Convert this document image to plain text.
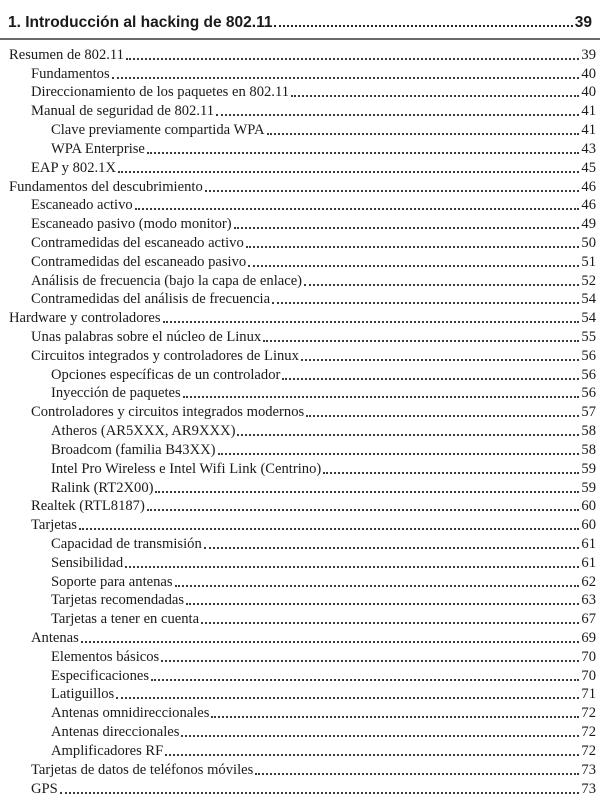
1. Introducción al hacking de 802.11	39
Resumen de 802.11	39
Fundamentos	40
Direccionamiento de los paquetes en 802.11	40
Manual de seguridad de 802.11	41
Clave previamente compartida WPA	41
WPA Enterprise	43
EAP y 802.1X	45
Fundamentos del descubrimiento	46
Escaneado activo	46
Escaneado pasivo (modo monitor)	49
Contramedidas del escaneado activo	50
Contramedidas del escaneado pasivo	51
Análisis de frecuencia (bajo la capa de enlace)	52
Contramedidas del análisis de frecuencia	54
Hardware y controladores	54
Unas palabras sobre el núcleo de Linux	55
Circuitos integrados y controladores de Linux	56
Opciones específicas de un controlador	56
Inyección de paquetes	56
Controladores y circuitos integrados modernos	57
Atheros (AR5XXX, AR9XXX)	58
Broadcom (familia B43XX)	58
Intel Pro Wireless e Intel Wifi Link (Centrino)	59
Ralink (RT2X00)	59
Realtek (RTL8187)	60
Tarjetas	60
Capacidad de transmisión	61
Sensibilidad	61
Soporte para antenas	62
Tarjetas recomendadas	63
Tarjetas a tener en cuenta	67
Antenas	69
Elementos básicos	70
Especificaciones	70
Latiguillos	71
Antenas omnidireccionales	72
Antenas direccionales	72
Amplificadores RF	72
Tarjetas de datos de teléfonos móviles	73
GPS	73
